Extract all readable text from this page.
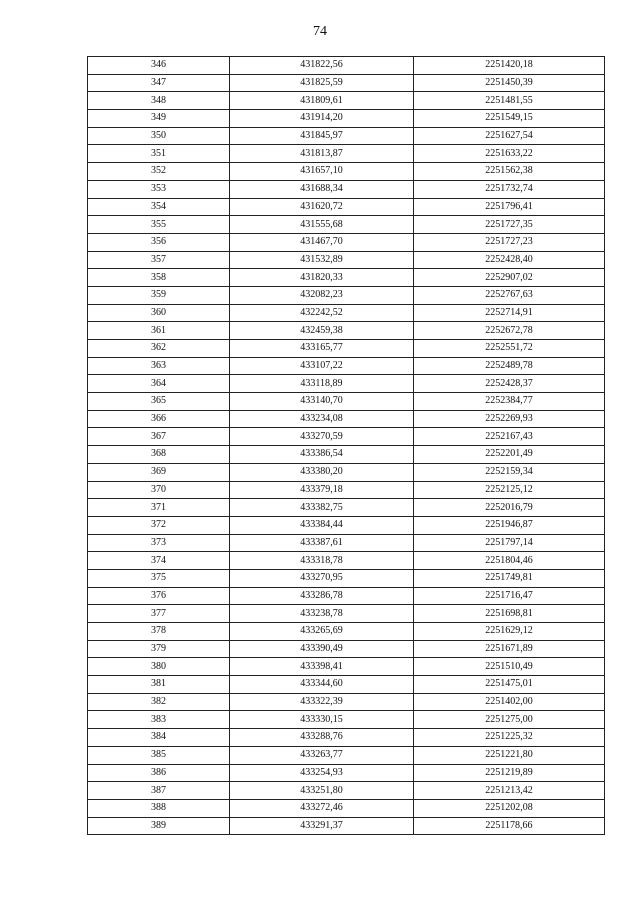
74
346	431822,56	2251420,18
347	431825,59	2251450,39
348	431809,61	2251481,55
349	431914,20	2251549,15
350	431845,97	2251627,54
351	431813,87	2251633,22
352	431657,10	2251562,38
353	431688,34	2251732,74
354	431620,72	2251796,41
355	431555,68	2251727,35
356	431467,70	2251727,23
357	431532,89	2252428,40
358	431820,33	2252907,02
359	432082,23	2252767,63
360	432242,52	2252714,91
361	432459,38	2252672,78
362	433165,77	2252551,72
363	433107,22	2252489,78
364	433118,89	2252428,37
365	433140,70	2252384,77
366	433234,08	2252269,93
367	433270,59	2252167,43
368	433386,54	2252201,49
369	433380,20	2252159,34
370	433379,18	2252125,12
371	433382,75	2252016,79
372	433384,44	2251946,87
373	433387,61	2251797,14
374	433318,78	2251804,46
375	433270,95	2251749,81
376	433286,78	2251716,47
377	433238,78	2251698,81
378	433265,69	2251629,12
379	433390,49	2251671,89
380	433398,41	2251510,49
381	433344,60	2251475,01
382	433322,39	2251402,00
383	433330,15	2251275,00
384	433288,76	2251225,32
385	433263,77	2251221,80
386	433254,93	2251219,89
387	433251,80	2251213,42
388	433272,46	2251202,08
389	433291,37	2251178,66
